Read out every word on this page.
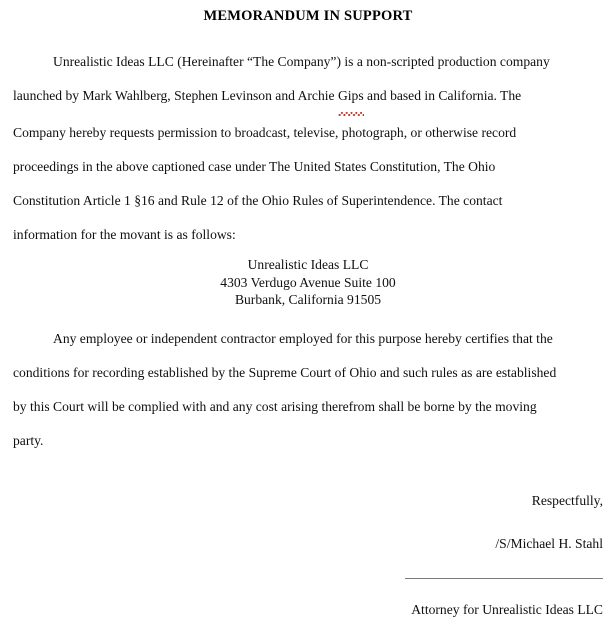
MEMORANDUM IN SUPPORT

Unrealistic Ideas LLC (Hereinafter “The Company”) is a non-scripted production company
launched by Mark Wahlberg, Stephen Levinson and Archie Gips and based in California. The
Company hereby requests permission to broadcast, televise, photograph, or otherwise record
proceedings in the above captioned case under The United States Constitution, The Ohio
Constitution Article 1 §16 and Rule 12 of the Ohio Rules of Superintendence. The contact
information for the movant is as follows:

Unrealistic Ideas LLC
4303 Verdugo Avenue Suite 100
Burbank, California 91505

Any employee or independent contractor employed for this purpose hereby certifies that the
conditions for recording established by the Supreme Court of Ohio and such rules as are established
by this Court will be complied with and any cost arising therefrom shall be borne by the moving
party.

Respectfully,
/S/Michael H. Stahl
Attorney for Unrealistic Ideas LLC
